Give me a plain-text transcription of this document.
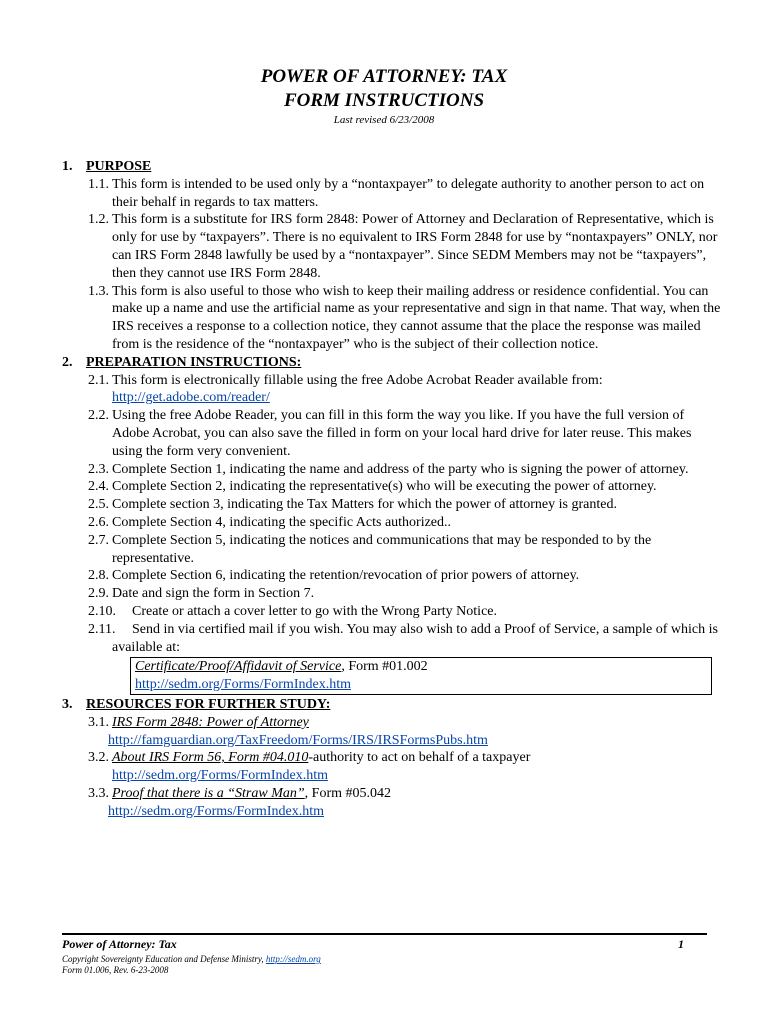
POWER OF ATTORNEY: TAX
FORM INSTRUCTIONS
Last revised 6/23/2008
1. PURPOSE
1.1. This form is intended to be used only by a “nontaxpayer” to delegate authority to another person to act on their behalf in regards to tax matters.
1.2. This form is a substitute for IRS form 2848: Power of Attorney and Declaration of Representative, which is only for use by “taxpayers”. There is no equivalent to IRS Form 2848 for use by “nontaxpayers” ONLY, nor can IRS Form 2848 lawfully be used by a “nontaxpayer”. Since SEDM Members may not be “taxpayers”, then they cannot use IRS Form 2848.
1.3. This form is also useful to those who wish to keep their mailing address or residence confidential. You can make up a name and use the artificial name as your representative and sign in that name. That way, when the IRS receives a response to a collection notice, they cannot assume that the place the response was mailed from is the residence of the “nontaxpayer” who is the subject of their collection notice.
2. PREPARATION INSTRUCTIONS:
2.1. This form is electronically fillable using the free Adobe Acrobat Reader available from:
http://get.adobe.com/reader/
2.2. Using the free Adobe Reader, you can fill in this form the way you like. If you have the full version of Adobe Acrobat, you can also save the filled in form on your local hard drive for later reuse. This makes using the form very convenient.
2.3. Complete Section 1, indicating the name and address of the party who is signing the power of attorney.
2.4. Complete Section 2, indicating the representative(s) who will be executing the power of attorney.
2.5. Complete section 3, indicating the Tax Matters for which the power of attorney is granted.
2.6. Complete Section 4, indicating the specific Acts authorized..
2.7. Complete Section 5, indicating the notices and communications that may be responded to by the representative.
2.8. Complete Section 6, indicating the retention/revocation of prior powers of attorney.
2.9. Date and sign the form in Section 7.
2.10. Create or attach a cover letter to go with the Wrong Party Notice.
2.11. Send in via certified mail if you wish. You may also wish to add a Proof of Service, a sample of which is available at:
Certificate/Proof/Affidavit of Service, Form #01.002
http://sedm.org/Forms/FormIndex.htm
3. RESOURCES FOR FURTHER STUDY:
3.1. IRS Form 2848: Power of Attorney
http://famguardian.org/TaxFreedom/Forms/IRS/IRSFormsPubs.htm
3.2. About IRS Form 56, Form #04.010-authority to act on behalf of a taxpayer
http://sedm.org/Forms/FormIndex.htm
3.3. Proof that there is a “Straw Man”, Form #05.042
http://sedm.org/Forms/FormIndex.htm
Power of Attorney: Tax	1
Copyright Sovereignty Education and Defense Ministry, http://sedm.org
Form 01.006, Rev. 6-23-2008
